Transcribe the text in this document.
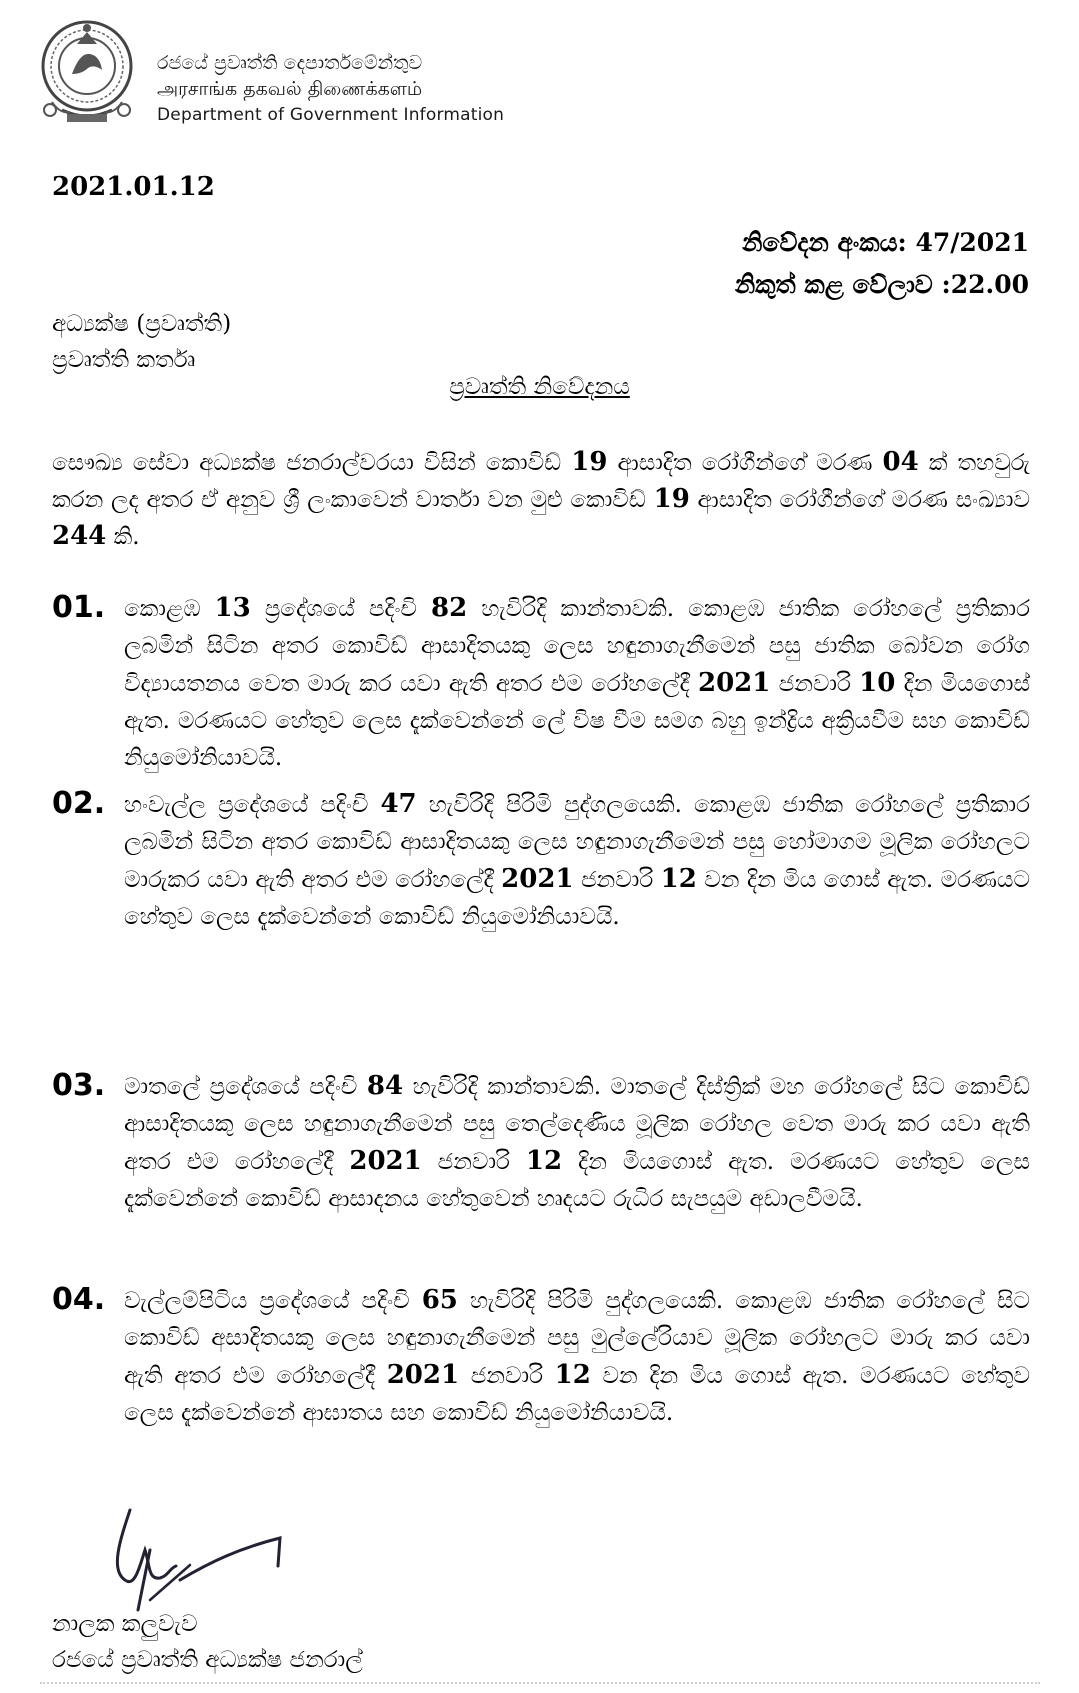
රජයේ ප්‍රවෘත්ති දෙපාර්තමේන්තුව
அரசாங்க தகவல் திணைக்களம்
Department of Government Information
2021.01.12
නිවේදන අංකය: 47/2021
නිකුත් කළ වේලාව :22.00
අධ්‍යක්ෂ (ප්‍රවෘත්ති)
ප්‍රවෘත්ති කර්තෘ
ප්‍රවෘත්ති නිවේදනය
සෞඛ්‍ය සේවා අධ්‍යක්ෂ ජනරාල්වරයා විසින් කොවිඩ් 19 ආසාදිත රෝගීන්ගේ මරණ 04 ක් තහවුරු කරන ලද අතර ඒ අනුව ශ්‍රී ලංකාවෙන් වාර්තා වන මුළු කොවිඩ් 19 ආසාදිත රෝගීන්ගේ මරණ සංඛ්‍යාව 244 කි.
01. කොළඹ 13 ප්‍රදේශයේ පදිංචි 82 හැවිරිදි කාන්තාවකි. කොළඹ ජාතික රෝහලේ ප්‍රතිකාර ලබමින් සිටින අතර කොවිඩ් ආසාදිතයකු ලෙස හඳුනාගැනීමෙන් පසු ජාතික බෝවන රෝග විද්‍යායතනය වෙත මාරු කර යවා ඇති අතර එම රෝහලේදී 2021 ජනවාරි 10 දින මියගොස් ඇත. මරණයට හේතුව ලෙස දැක්වෙන්නේ ලේ විෂ වීම සමග බහු ඉන්ද්‍රිය අක්‍රියවීම සහ කොවිඩ් නියුමෝනියාවයි.
02. හංවැල්ල ප්‍රදේශයේ පදිංචි 47 හැවිරිදි පිරිමි පුද්ගලයෙකි. කොළඹ ජාතික රෝහලේ ප්‍රතිකාර ලබමින් සිටින අතර කොවිඩ් ආසාදිතයකු ලෙස හඳුනාගැනීමෙන් පසු හෝමාගම මූලික රෝහලට මාරුකර යවා ඇති අතර එම රෝහලේදී 2021 ජනවාරි 12 වන දින මිය ගොස් ඇත. මරණයට හේතුව ලෙස දැක්වෙන්නේ කොවිඩ් නියුමෝනියාවයි.
03. මාතලේ ප්‍රදේශයේ පදිංචි 84 හැවිරිදි කාන්තාවකි. මාතලේ දිස්ත්‍රික් මහ රෝහලේ සිට කොවිඩ් ආසාදිතයකු ලෙස හඳුනාගැනීමෙන් පසු තෙල්දෙණිය මූලික රෝහල වෙත මාරු කර යවා ඇති අතර එම රෝහලේදී 2021 ජනවාරි 12 දින මියගොස් ඇත. මරණයට හේතුව ලෙස දැක්වෙන්නේ කොවිඩ් ආසාදනය හේතුවෙන් හෘදයට රුධිර සැපයුම අඩාලවීමයි.
04. වැල්ලම්පිටිය ප්‍රදේශයේ පදිංචි 65 හැවිරිදි පිරිමි පුද්ගලයෙකි. කොළඹ ජාතික රෝහලේ සිට කොවිඩ් අසාදිතයකු ලෙස හඳුනාගැනීමෙන් පසු මුල්ලේරියාව මූලික රෝහලට මාරු කර යවා ඇති අතර එම රෝහලේදී 2021 ජනවාරි 12 වන දින මිය ගොස් ඇත. මරණයට හේතුව ලෙස දැක්වෙන්නේ ආඝාතය සහ කොවිඩ් නියුමෝනියාවයි.
නාලක කලුවැව
රජයේ ප්‍රවෘත්ති අධ්‍යක්ෂ ජනරාල්
